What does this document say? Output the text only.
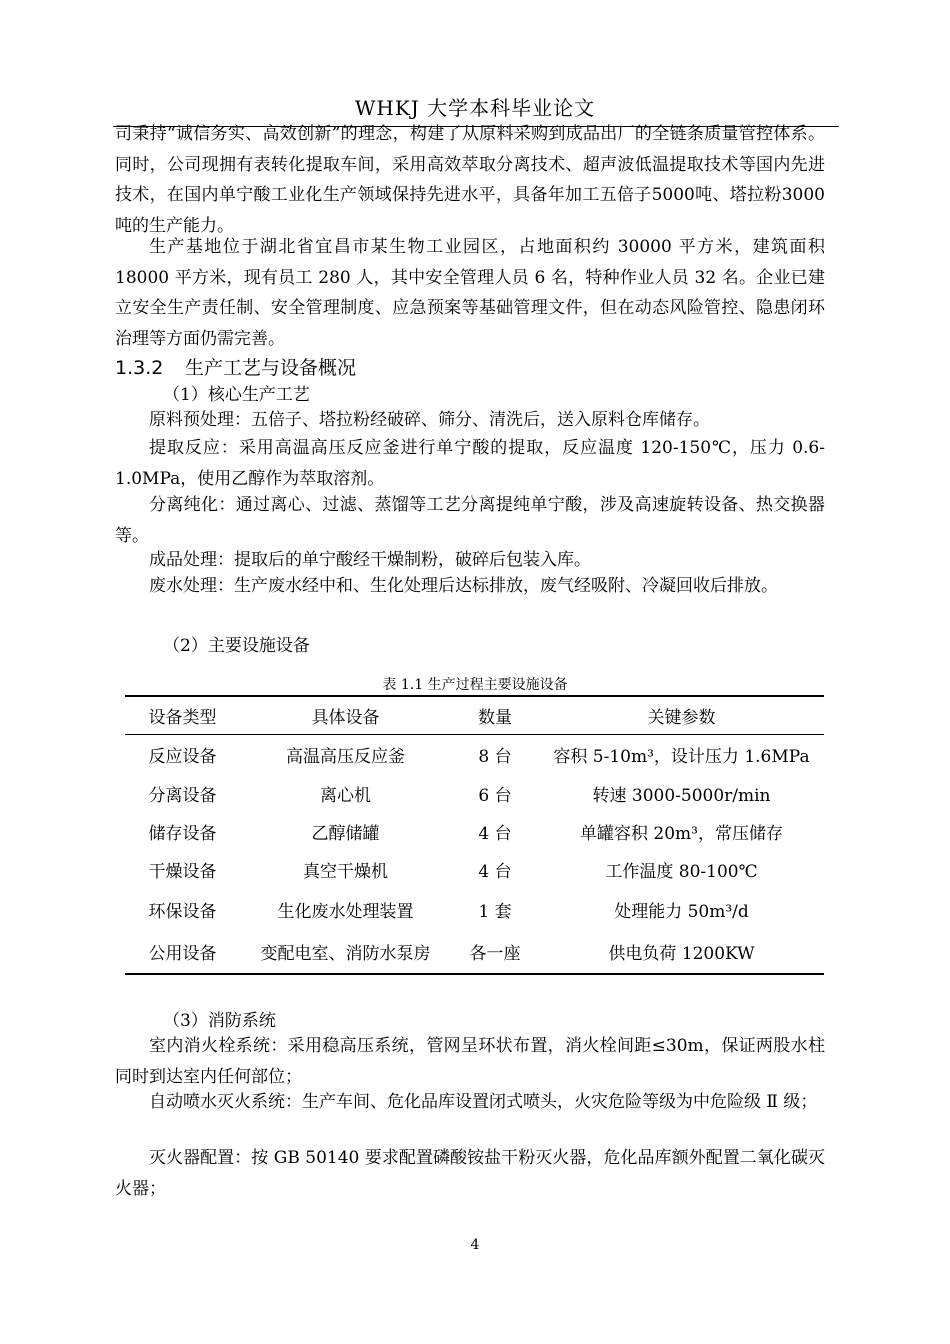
WHKJ 大学本科毕业论文

司秉持“诚信务实、高效创新”的理念，构建了从原料采购到成品出厂的全链条质量管控体系。同时，公司现拥有表转化提取车间，采用高效萃取分离技术、超声波低温提取技术等国内先进技术，在国内单宁酸工业化生产领域保持先进水平，具备年加工五倍子5000吨、塔拉粉3000吨的生产能力。

生产基地位于湖北省宜昌市某生物工业园区，占地面积约 30000 平方米，建筑面积 18000 平方米，现有员工 280 人，其中安全管理人员 6 名，特种作业人员 32 名。企业已建立安全生产责任制、安全管理制度、应急预案等基础管理文件，但在动态风险管控、隐患闭环治理等方面仍需完善。

1.3.2 生产工艺与设备概况
（1）核心生产工艺

原料预处理：五倍子、塔拉粉经破碎、筛分、清洗后，送入原料仓库储存。

提取反应：采用高温高压反应釜进行单宁酸的提取，反应温度 120-150℃，压力 0.6-1.0MPa，使用乙醇作为萃取溶剂。

分离纯化：通过离心、过滤、蒸馏等工艺分离提纯单宁酸，涉及高速旋转设备、热交换器等。

成品处理：提取后的单宁酸经干燥制粉，破碎后包装入库。

废水处理：生产废水经中和、生化处理后达标排放，废气经吸附、冷凝回收后排放。

（2）主要设施设备
表 1.1 生产过程主要设施设备
设备类型	具体设备	数量	关键参数
反应设备	高温高压反应釜	8 台	容积 5-10m³，设计压力 1.6MPa
分离设备	离心机	6 台	转速 3000-5000r/min
储存设备	乙醇储罐	4 台	单罐容积 20m³，常压储存
干燥设备	真空干燥机	4 台	工作温度 80-100℃
环保设备	生化废水处理装置	1 套	处理能力 50m³/d
公用设备	变配电室、消防水泵房	各一座	供电负荷 1200KW
（3）消防系统

室内消火栓系统：采用稳高压系统，管网呈环状布置，消火栓间距≤30m，保证两股水柱同时到达室内任何部位；

自动喷水灭火系统：生产车间、危化品库设置闭式喷头，火灾危险等级为中危险级 Ⅱ 级；

灭火器配置：按 GB 50140 要求配置磷酸铵盐干粉灭火器，危化品库额外配置二氧化碳灭火器；

4
